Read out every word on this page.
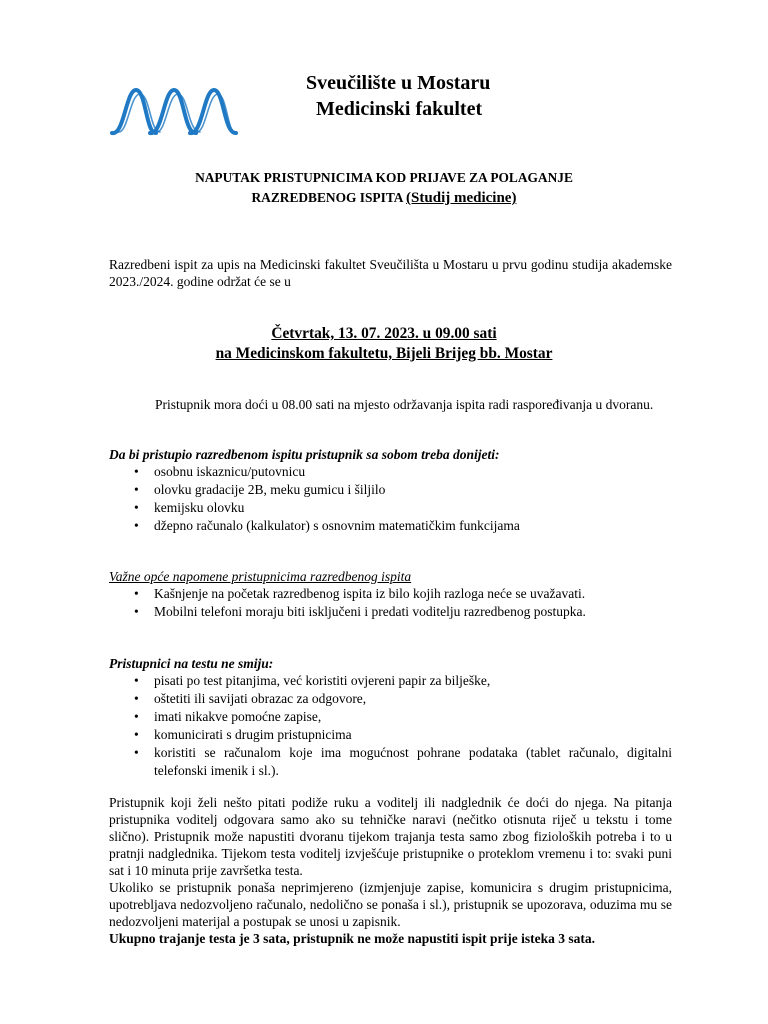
Sveučilište u Mostaru
Medicinski fakultet
NAPUTAK PRISTUPNICIMA KOD PRIJAVE ZA POLAGANJE
RAZREDBENOG ISPITA (Studij medicine)
Razredbeni ispit za upis na Medicinski fakultet Sveučilišta u Mostaru u prvu godinu studija akademske 2023./2024. godine održat će se u
Četvrtak, 13. 07. 2023. u 09.00 sati
na Medicinskom fakultetu, Bijeli Brijeg bb. Mostar
Pristupnik mora doći u 08.00 sati na mjesto održavanja ispita radi raspoređivanja u dvoranu.
Da bi pristupio razredbenom ispitu pristupnik sa sobom treba donijeti:
• osobnu iskaznicu/putovnicu
• olovku gradacije 2B, meku gumicu i šiljilo
• kemijsku olovku
• džepno računalo (kalkulator) s osnovnim matematičkim funkcijama
Važne opće napomene pristupnicima razredbenog ispita
• Kašnjenje na početak razredbenog ispita iz bilo kojih razloga neće se uvažavati.
• Mobilni telefoni moraju biti isključeni i predati voditelju razredbenog postupka.
Pristupnici na testu ne smiju:
• pisati po test pitanjima, već koristiti ovjereni papir za bilješke,
• oštetiti ili savijati obrazac za odgovore,
• imati nikakve pomoćne zapise,
• komunicirati s drugim pristupnicima
• koristiti se računalom koje ima mogućnost pohrane podataka (tablet računalo, digitalni telefonski imenik i sl.).
Pristupnik koji želi nešto pitati podiže ruku a voditelj ili nadglednik će doći do njega. Na pitanja pristupnika voditelj odgovara samo ako su tehničke naravi (nečitko otisnuta riječ u tekstu i tome slično). Pristupnik može napustiti dvoranu tijekom trajanja testa samo zbog fizioloških potreba i to u pratnji nadglednika. Tijekom testa voditelj izvješćuje pristupnike o proteklom vremenu i to: svaki puni sat i 10 minuta prije završetka testa.
Ukoliko se pristupnik ponaša neprimjereno (izmjenjuje zapise, komunicira s drugim pristupnicima, upotrebljava nedozvoljeno računalo, nedolično se ponaša i sl.), pristupnik se upozorava, oduzima mu se nedozvoljeni materijal a postupak se unosi u zapisnik.
Ukupno trajanje testa je 3 sata, pristupnik ne može napustiti ispit prije isteka 3 sata.
